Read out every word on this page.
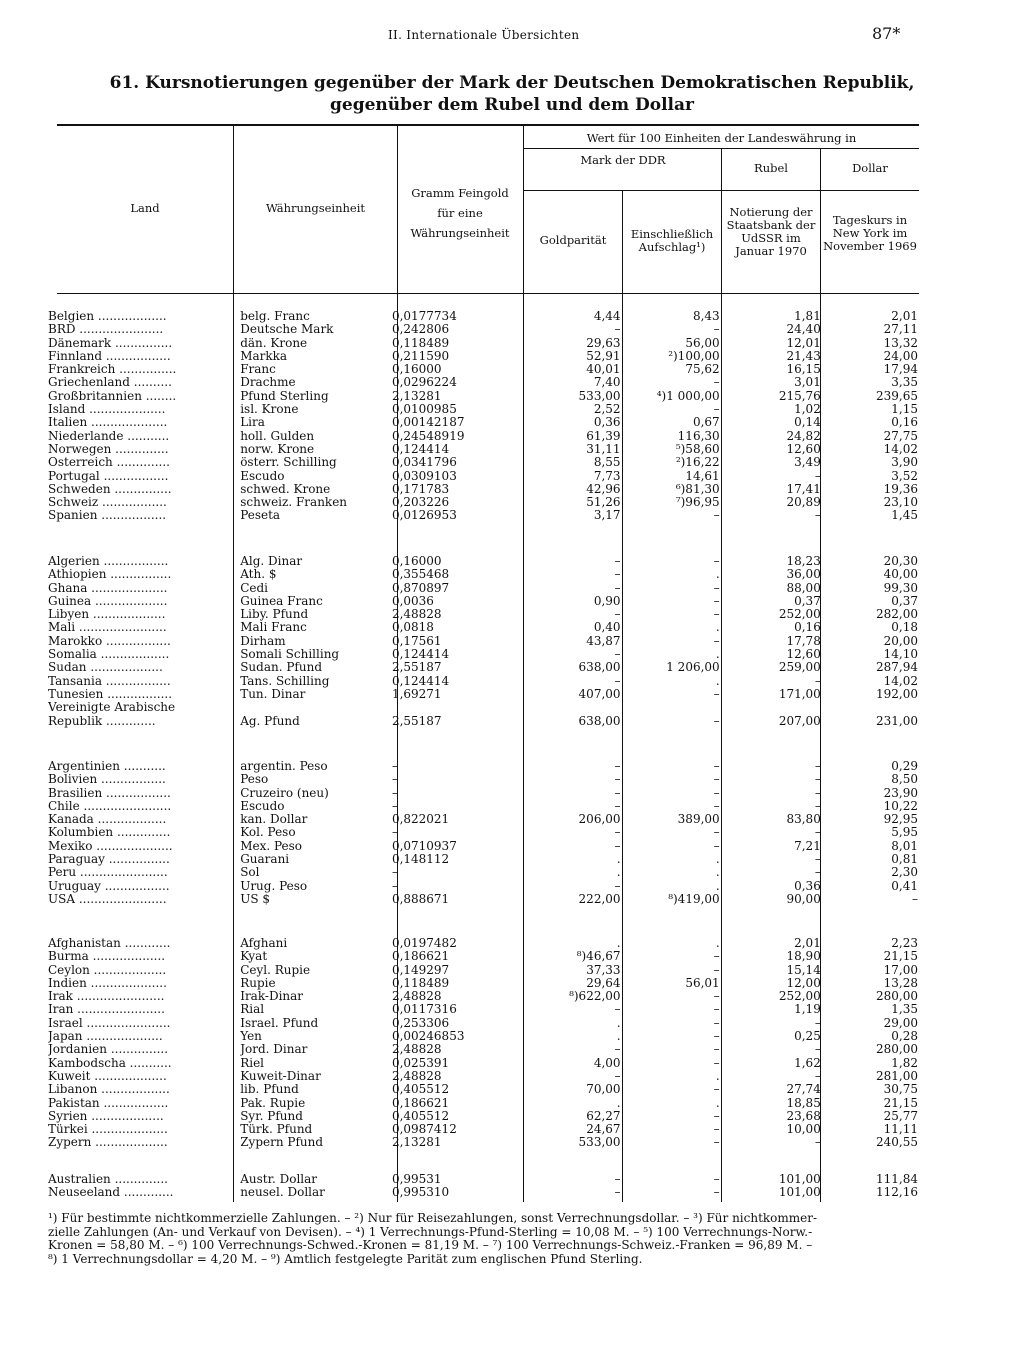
II. Internationale Übersichten	87*
61. Kursnotierungen gegenüber der Mark der Deutschen Demokratischen Republik,
gegenüber dem Rubel und dem Dollar
Land	Währungseinheit
Gramm Feingold für eine Währungseinheit
Wert für 100 Einheiten der Landeswährung in
Mark der DDR
Rubel	Dollar
Goldparität	Einschließlich Aufschlag¹)
Notierung der Staatsbank der UdSSR im Januar 1970
Tageskurs in New York im November 1969
Belgien ..................	belg. Franc	0,0177734	4,44	8,43	1,81	2,01
BRD ......................	Deutsche Mark	0,242806	–	–	24,40	27,11
Dänemark ...............	dän. Krone	0,118489	29,63	56,00	12,01	13,32
Finnland .................	Markka	0,211590	52,91	²)100,00	21,43	24,00
Frankreich ...............	Franc	0,16000	40,01	75,62	16,15	17,94
Griechenland ..........	Drachme	0,0296224	7,40	–	3,01	3,35
Großbritannien ........	Pfund Sterling	2,13281	533,00	⁴)1 000,00	215,76	239,65
Island ....................	isl. Krone	0,0100985	2,52	–	1,02	1,15
Italien ....................	Lira	0,00142187	0,36	0,67	0,14	0,16
Niederlande ...........	holl. Gulden	0,24548919	61,39	116,30	24,82	27,75
Norwegen ..............	norw. Krone	0,124414	31,11	⁵)58,60	12,60	14,02
Österreich ..............	österr. Schilling	0,0341796	8,55	²)16,22	3,49	3,90
Portugal .................	Escudo	0,0309103	7,73	14,61	–	3,52
Schweden ...............	schwed. Krone	0,171783	42,96	⁶)81,30	17,41	19,36
Schweiz .................	schweiz. Franken	0,203226	51,26	⁷)96,95	20,89	23,10
Spanien .................	Peseta	0,0126953	3,17	–	–	1,45
Algerien .................	Alg. Dinar	0,16000	–	–	18,23	20,30
Äthiopien ................	Äth. $	0,355468	–	.	36,00	40,00
Ghana ....................	Cedi	0,870897	–	–	88,00	99,30
Guinea ...................	Guinea Franc	0,0036	0,90	–	0,37	0,37
Libyen ...................	Liby. Pfund	2,48828	–	–	252,00	282,00
Mali .......................	Mali Franc	0,0818	0,40	.	0,16	0,18
Marokko .................	Dirham	0,17561	43,87	–	17,78	20,00
Somalia ..................	Somali Schilling	0,124414	–	.	12,60	14,10
Sudan ...................	Sudan. Pfund	2,55187	638,00	1 206,00	259,00	287,94
Tansania .................	Tans. Schilling	0,124414	–	.	–	14,02
Tunesien .................	Tun. Dinar	1,69271	407,00	–	171,00	192,00
Vereinigte Arabische						
Republik .............	Äg. Pfund	2,55187	638,00	–	207,00	231,00
Argentinien ...........	argentin. Peso	–	–	–	–	0,29
Bolivien .................	Peso	–	–	–	–	8,50
Brasilien .................	Cruzeiro (neu)	–	–	–	–	23,90
Chile .......................	Escudo	–	–	–	–	10,22
Kanada ..................	kan. Dollar	0,822021	206,00	389,00	83,80	92,95
Kolumbien ..............	Kol. Peso	–	–	–	–	5,95
Mexiko ....................	Mex. Peso	0,0710937	–	–	7,21	8,01
Paraguay ................	Guarani	0,148112	.	.	–	0,81
Peru .......................	Sol	–	.	.	–	2,30
Uruguay .................	Urug. Peso	–	–	.	0,36	0,41
USA .......................	US $	0,888671	222,00	⁸)419,00	90,00	–
Afghanistan ............	Afghani	0,0197482	.	.	2,01	2,23
Burma ...................	Kyat	0,186621	⁸)46,67	–	18,90	21,15
Ceylon ...................	Ceyl. Rupie	0,149297	37,33	–	15,14	17,00
Indien ....................	Rupie	0,118489	29,64	56,01	12,00	13,28
Irak .......................	Irak-Dinar	2,48828	⁸)622,00	–	252,00	280,00
Iran .......................	Rial	0,0117316	–	–	1,19	1,35
Israel ......................	Israel. Pfund	0,253306	.	–	–	29,00
Japan ....................	Yen	0,00246853	.	–	0,25	0,28
Jordanien ...............	Jord. Dinar	2,48828	–	–	–	280,00
Kambodscha ...........	Riel	0,025391	4,00	–	1,62	1,82
Kuweit ...................	Kuweit-Dinar	2,48828	–	.	–	281,00
Libanon ..................	lib. Pfund	0,405512	70,00	–	27,74	30,75
Pakistan .................	Pak. Rupie	0,186621	.	.	18,85	21,15
Syrien ...................	Syr. Pfund	0,405512	62,27	–	23,68	25,77
Türkei ....................	Türk. Pfund	0,0987412	24,67	–	10,00	11,11
Zypern ...................	Zypern Pfund	2,13281	533,00	–	–	240,55
Australien ..............	Austr. Dollar	0,99531	–	–	101,00	111,84
Neuseeland .............	neusel. Dollar	0,995310	–	–	101,00	112,16
¹) Für bestimmte nichtkommerzielle Zahlungen. – ²) Nur für Reisezahlungen, sonst Verrechnungsdollar. – ³) Für nichtkommer-
zielle Zahlungen (An- und Verkauf von Devisen). – ⁴) 1 Verrechnungs-Pfund-Sterling = 10,08 M. – ⁵) 100 Verrechnungs-Norw.-
Kronen = 58,80 M. – ⁶) 100 Verrechnungs-Schwed.-Kronen = 81,19 M. – ⁷) 100 Verrechnungs-Schweiz.-Franken = 96,89 M. –
⁸) 1 Verrechnungsdollar = 4,20 M. – ⁹) Amtlich festgelegte Parität zum englischen Pfund Sterling.
